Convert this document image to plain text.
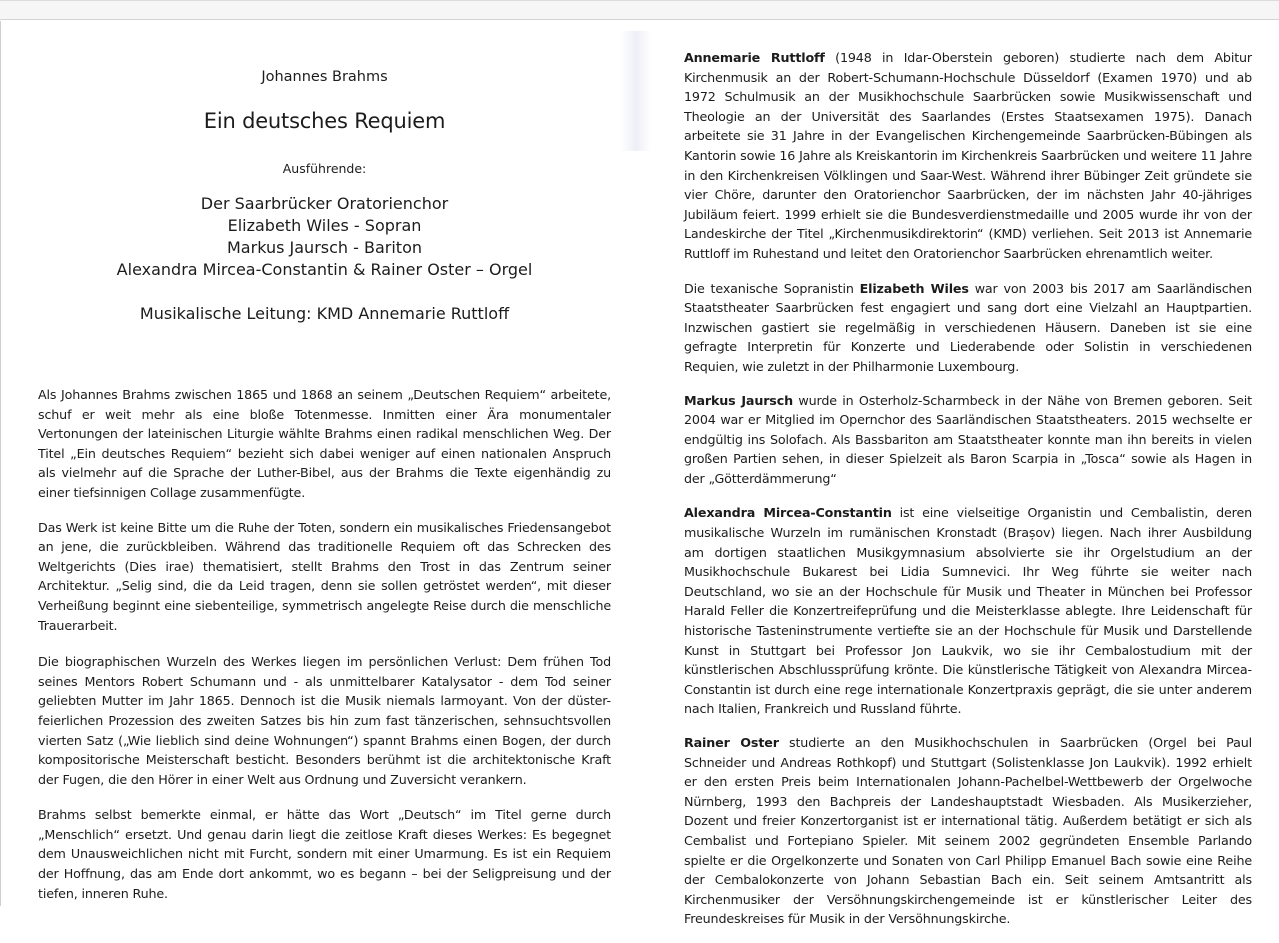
Johannes Brahms
Ein deutsches Requiem
Ausführende:
Der Saarbrücker Oratorienchor
Elizabeth Wiles - Sopran
Markus Jaursch - Bariton
Alexandra Mircea-Constantin & Rainer Oster – Orgel
Musikalische Leitung: KMD Annemarie Ruttloff

Als Johannes Brahms zwischen 1865 und 1868 an seinem „Deutschen Requiem“ arbeitete, schuf er weit mehr als eine bloße Totenmesse. Inmitten einer Ära monumentaler Vertonungen der lateinischen Liturgie wählte Brahms einen radikal menschlichen Weg. Der Titel „Ein deutsches Requiem“ bezieht sich dabei weniger auf einen nationalen Anspruch als vielmehr auf die Sprache der Luther-Bibel, aus der Brahms die Texte eigenhändig zu einer tiefsinnigen Collage zusammenfügte.

Das Werk ist keine Bitte um die Ruhe der Toten, sondern ein musikalisches Friedensangebot an jene, die zurückbleiben. Während das traditionelle Requiem oft das Schrecken des Weltgerichts (Dies irae) thematisiert, stellt Brahms den Trost in das Zentrum seiner Architektur. „Selig sind, die da Leid tragen, denn sie sollen getröstet werden“, mit dieser Verheißung beginnt eine siebenteilige, symmetrisch angelegte Reise durch die menschliche Trauerarbeit.

Die biographischen Wurzeln des Werkes liegen im persönlichen Verlust: Dem frühen Tod seines Mentors Robert Schumann und - als unmittelbarer Katalysator - dem Tod seiner geliebten Mutter im Jahr 1865. Dennoch ist die Musik niemals larmoyant. Von der düster-feierlichen Prozession des zweiten Satzes bis hin zum fast tänzerischen, sehnsuchtsvollen vierten Satz („Wie lieblich sind deine Wohnungen“) spannt Brahms einen Bogen, der durch kompositorische Meisterschaft besticht. Besonders berühmt ist die architektonische Kraft der Fugen, die den Hörer in einer Welt aus Ordnung und Zuversicht verankern.

Brahms selbst bemerkte einmal, er hätte das Wort „Deutsch“ im Titel gerne durch „Menschlich“ ersetzt. Und genau darin liegt die zeitlose Kraft dieses Werkes: Es begegnet dem Unausweichlichen nicht mit Furcht, sondern mit einer Umarmung. Es ist ein Requiem der Hoffnung, das am Ende dort ankommt, wo es begann – bei der Seligpreisung und der tiefen, inneren Ruhe.

Annemarie Ruttloff (1948 in Idar-Oberstein geboren) studierte nach dem Abitur Kirchenmusik an der Robert-Schumann-Hochschule Düsseldorf (Examen 1970) und ab 1972 Schulmusik an der Musikhochschule Saarbrücken sowie Musikwissenschaft und Theologie an der Universität des Saarlandes (Erstes Staatsexamen 1975). Danach arbeitete sie 31 Jahre in der Evangelischen Kirchengemeinde Saarbrücken-Bübingen als Kantorin sowie 16 Jahre als Kreiskantorin im Kirchenkreis Saarbrücken und weitere 11 Jahre in den Kirchenkreisen Völklingen und Saar-West. Während ihrer Bübinger Zeit gründete sie vier Chöre, darunter den Oratorienchor Saarbrücken, der im nächsten Jahr 40-jähriges Jubiläum feiert. 1999 erhielt sie die Bundesverdienstmedaille und 2005 wurde ihr von der Landeskirche der Titel „Kirchenmusikdirektorin“ (KMD) verliehen. Seit 2013 ist Annemarie Ruttloff im Ruhestand und leitet den Oratorienchor Saarbrücken ehrenamtlich weiter.

Die texanische Sopranistin Elizabeth Wiles war von 2003 bis 2017 am Saarländischen Staatstheater Saarbrücken fest engagiert und sang dort eine Vielzahl an Hauptpartien. Inzwischen gastiert sie regelmäßig in verschiedenen Häusern. Daneben ist sie eine gefragte Interpretin für Konzerte und Liederabende oder Solistin in verschiedenen Requien, wie zuletzt in der Philharmonie Luxembourg.

Markus Jaursch wurde in Osterholz-Scharmbeck in der Nähe von Bremen geboren. Seit 2004 war er Mitglied im Opernchor des Saarländischen Staatstheaters. 2015 wechselte er endgültig ins Solofach. Als Bassbariton am Staatstheater konnte man ihn bereits in vielen großen Partien sehen, in dieser Spielzeit als Baron Scarpia in „Tosca“ sowie als Hagen in der „Götterdämmerung“

Alexandra Mircea-Constantin ist eine vielseitige Organistin und Cembalistin, deren musikalische Wurzeln im rumänischen Kronstadt (Brașov) liegen. Nach ihrer Ausbildung am dortigen staatlichen Musikgymnasium absolvierte sie ihr Orgelstudium an der Musikhochschule Bukarest bei Lidia Sumnevici. Ihr Weg führte sie weiter nach Deutschland, wo sie an der Hochschule für Musik und Theater in München bei Professor Harald Feller die Konzertreifeprüfung und die Meisterklasse ablegte. Ihre Leidenschaft für historische Tasteninstrumente vertiefte sie an der Hochschule für Musik und Darstellende Kunst in Stuttgart bei Professor Jon Laukvik, wo sie ihr Cembalostudium mit der künstlerischen Abschlussprüfung krönte. Die künstlerische Tätigkeit von Alexandra Mircea-Constantin ist durch eine rege internationale Konzertpraxis geprägt, die sie unter anderem nach Italien, Frankreich und Russland führte.

Rainer Oster studierte an den Musikhochschulen in Saarbrücken (Orgel bei Paul Schneider und Andreas Rothkopf) und Stuttgart (Solistenklasse Jon Laukvik). 1992 erhielt er den ersten Preis beim Internationalen Johann-Pachelbel-Wettbewerb der Orgelwoche Nürnberg, 1993 den Bachpreis der Landeshauptstadt Wiesbaden. Als Musikerzieher, Dozent und freier Konzertorganist ist er international tätig. Außerdem betätigt er sich als Cembalist und Fortepiano Spieler. Mit seinem 2002 gegründeten Ensemble Parlando spielte er die Orgelkonzerte und Sonaten von Carl Philipp Emanuel Bach sowie eine Reihe der Cembalokonzerte von Johann Sebastian Bach ein. Seit seinem Amtsantritt als Kirchenmusiker der Versöhnungskirchengemeinde ist er künstlerischer Leiter des Freundeskreises für Musik in der Versöhnungskirche.
